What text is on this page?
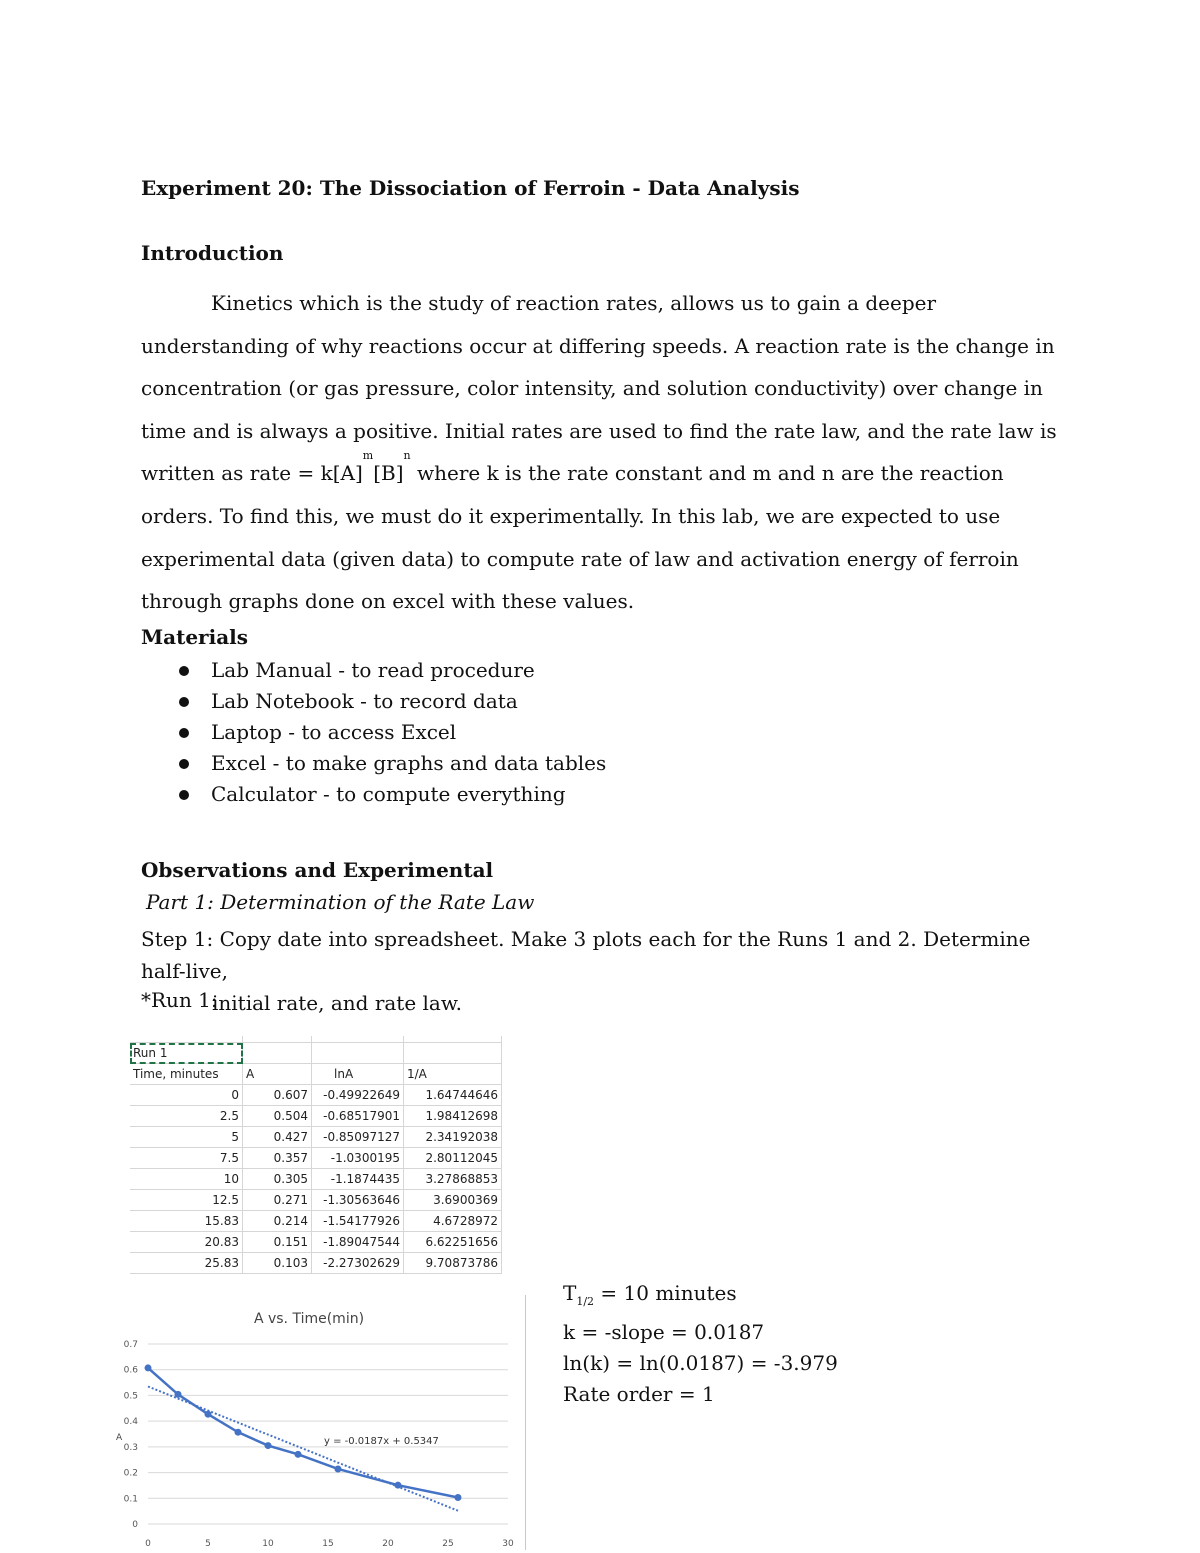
Experiment 20: The Dissociation of Ferroin - Data Analysis
Introduction
Kinetics which is the study of reaction rates, allows us to gain a deeper understanding of why reactions occur at differing speeds. A reaction rate is the change in concentration (or gas pressure, color intensity, and solution conductivity) over change in time and is always a positive. Initial rates are used to find the rate law, and the rate law is written as rate = $k[A]^m[B]^n$ where k is the rate constant and m and n are the reaction orders. To find this, we must do it experimentally. In this lab, we are expected to use experimental data (given data) to compute rate of law and activation energy of ferroin through graphs done on excel with these values.
Materials
Lab Manual - to read procedure
Lab Notebook - to record data
Laptop - to access Excel
Excel - to make graphs and data tables
Calculator - to compute everything
Observations and Experimental
Part 1: Determination of the Rate Law
Step 1: Copy date into spreadsheet. Make 3 plots each for the Runs 1 and 2. Determine half-live,
initial rate, and rate law.
*Run 1:

Run 1			
Time, minutes	A	lnA	1/A
0	0.607	-0.49922649	1.64744646
2.5	0.504	-0.68517901	1.98412698
5	0.427	-0.85097127	2.34192038
7.5	0.357	-1.0300195	2.80112045
10	0.305	-1.1874435	3.27868853
12.5	0.271	-1.30563646	3.6900369
15.83	0.214	-1.54177926	4.6728972
20.83	0.151	-1.89047544	6.62251656
25.83	0.103	-2.27302629	9.70873786
$T_{1/2} = 10$ minutes
k = -slope = 0.0187
ln(k) = ln(0.0187) = -3.979
Rate order = 1
A vs. Time(min)
A
0
0.1
0.2
0.3
0.4
0.5
0.6
0.7
0	5	10	15	20	25	30
y = -0.0187x + 0.5347
